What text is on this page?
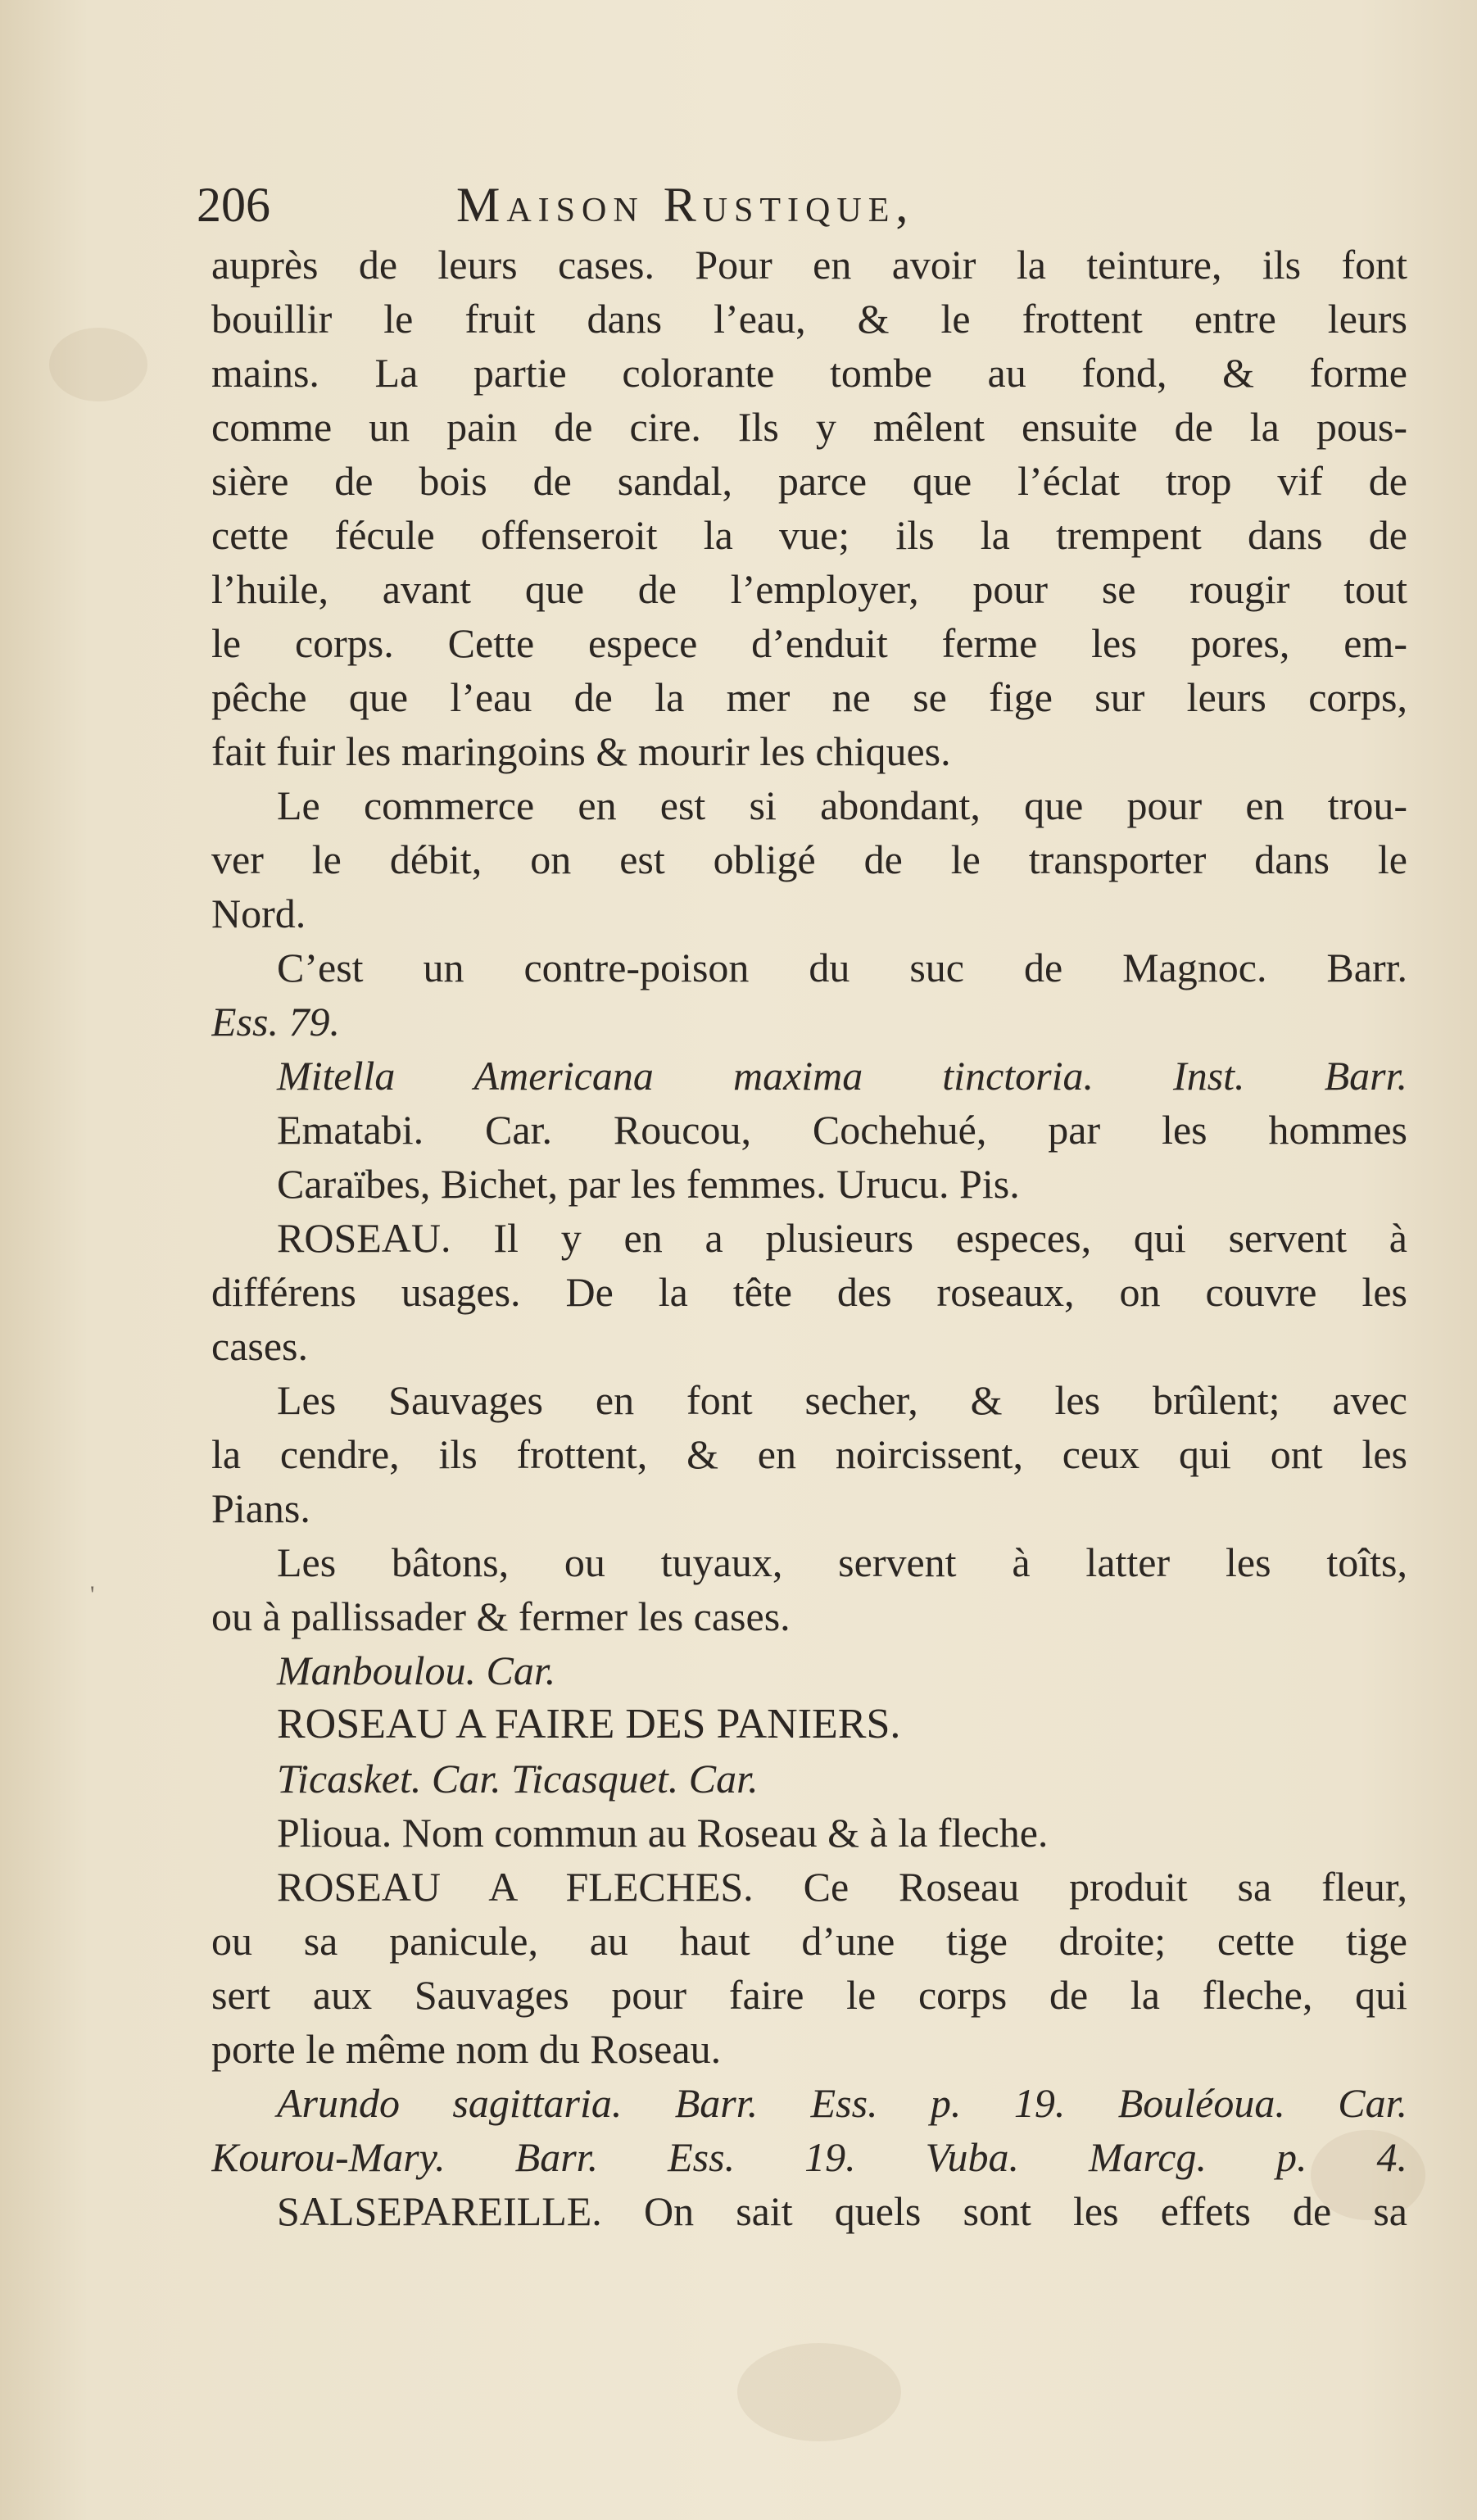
206	Maison Rustique,
auprès de leurs cases. Pour en avoir la teinture, ils font
bouillir le fruit dans l’eau, & le frottent entre leurs
mains. La partie colorante tombe au fond, & forme
comme un pain de cire. Ils y mêlent ensuite de la pous-
sière de bois de sandal, parce que l’éclat trop vif de
cette fécule offenseroit la vue; ils la trempent dans de
l’huile, avant que de l’employer, pour se rougir tout
le corps. Cette espece d’enduit ferme les pores, em-
pêche que l’eau de la mer ne se fige sur leurs corps,
fait fuir les maringoins & mourir les chiques.
Le commerce en est si abondant, que pour en trou-
ver le débit, on est obligé de le transporter dans le
Nord.
C’est un contre-poison du suc de Magnoc. Barr.
Ess. 79.
Mitella Americana maxima tinctoria. Inst. Barr.
Ematabi. Car. Roucou, Cochehué, par les hommes
Caraïbes, Bichet, par les femmes. Urucu. Pis.
ROSEAU. Il y en a plusieurs especes, qui servent à
différens usages. De la tête des roseaux, on couvre les
cases.
Les Sauvages en font secher, & les brûlent; avec
la cendre, ils frottent, & en noircissent, ceux qui ont les
Pians.
Les bâtons, ou tuyaux, servent à latter les toîts,
ou à pallissader & fermer les cases.
Manboulou. Car.
ROSEAU A FAIRE DES PANIERS.
Ticasket. Car. Ticasquet. Car.
Plioua. Nom commun au Roseau & à la fleche.
ROSEAU A FLECHES. Ce Roseau produit sa fleur,
ou sa panicule, au haut d’une tige droite; cette tige
sert aux Sauvages pour faire le corps de la fleche, qui
porte le même nom du Roseau.
Arundo sagittaria. Barr. Ess. p. 19. Bouléoua. Car.
Kourou-Mary. Barr. Ess. 19. Vuba. Marcg. p. 4.
SALSEPAREILLE. On sait quels sont les effets de sa
'
